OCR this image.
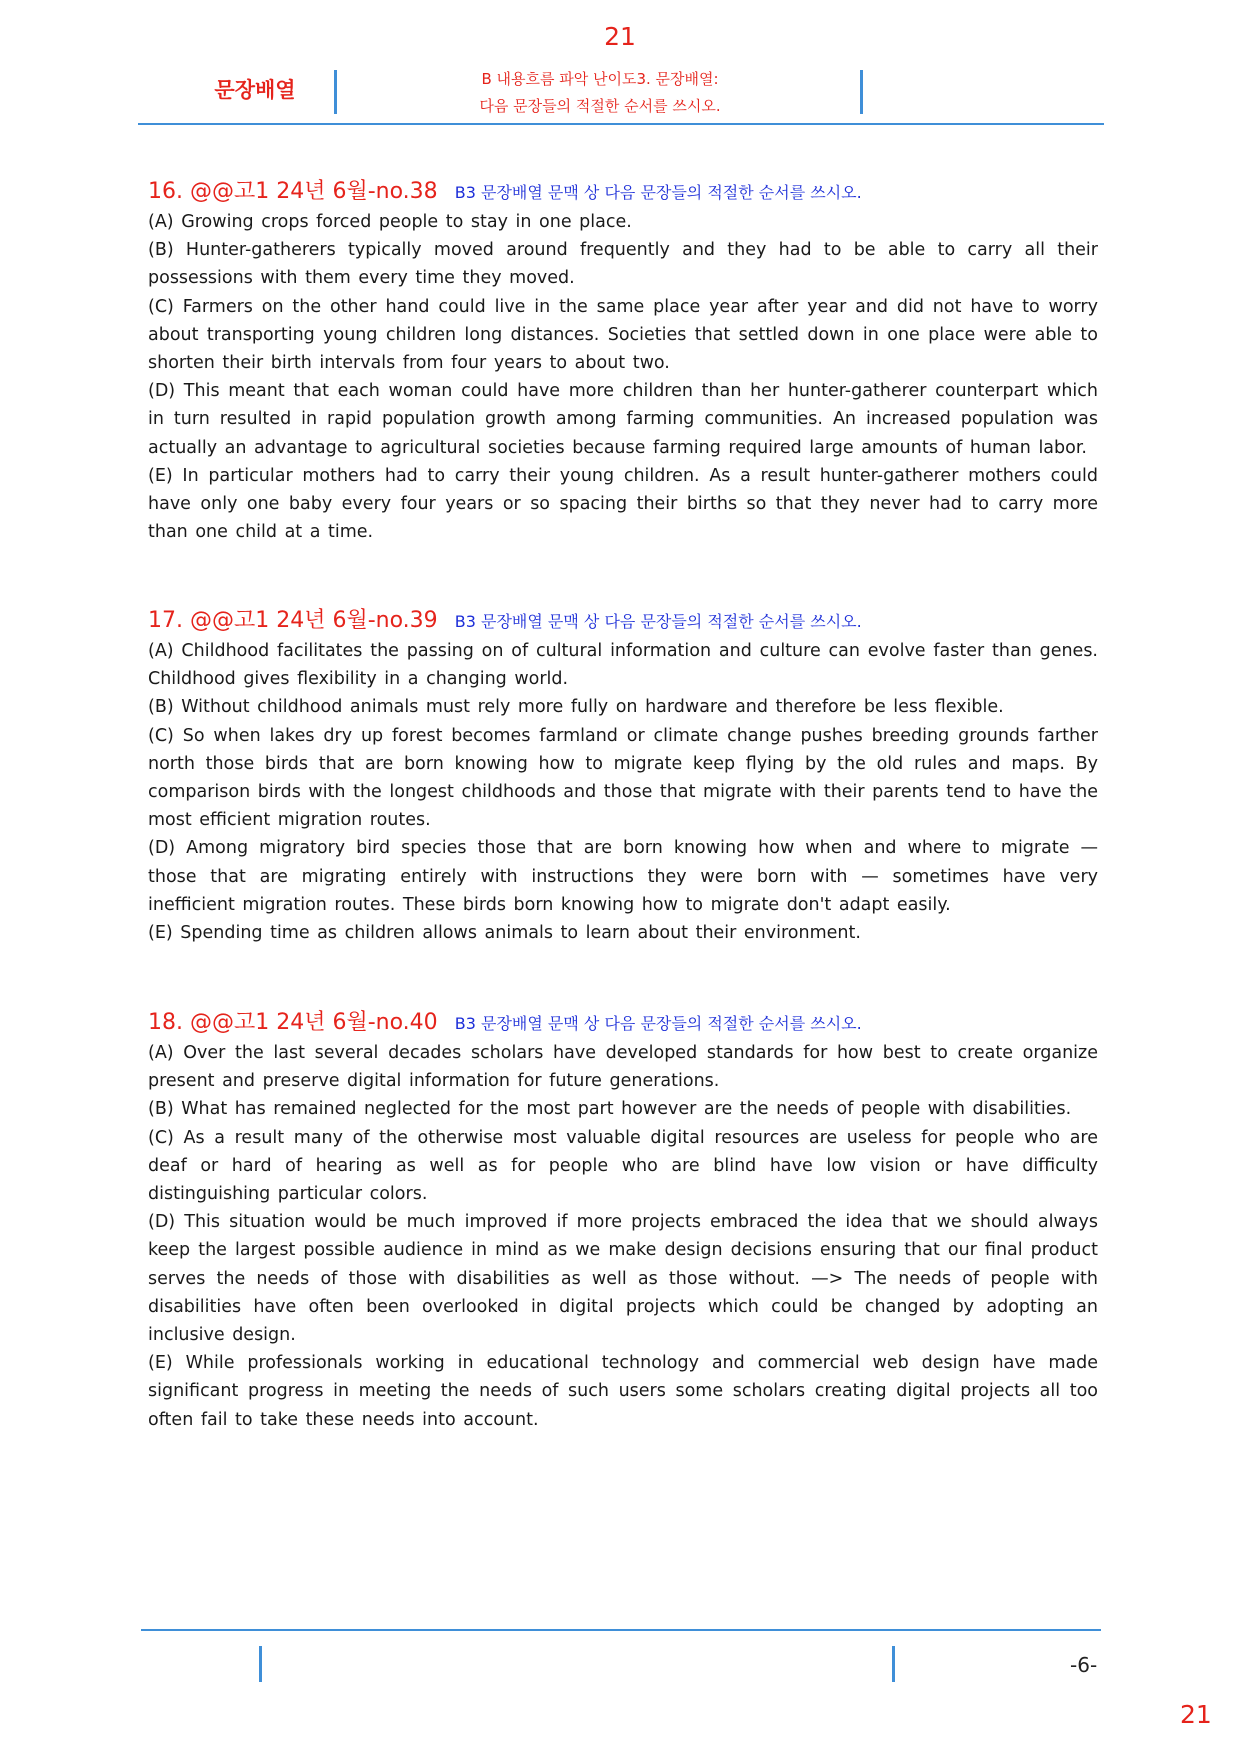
21
문장배열	B 내용흐름 파악 난이도3. 문장배열:
다음 문장들의 적절한 순서를 쓰시오.
16. @@고1 24년 6월-no.38 B3 문장배열 문맥 상 다음 문장들의 적절한 순서를 쓰시오.

(A) Growing crops forced people to stay in one place.

(B) Hunter-gatherers typically moved around frequently and they had to be able to carry all their possessions with them every time they moved.

(C) Farmers on the other hand could live in the same place year after year and did not have to worry about transporting young children long distances. Societies that settled down in one place were able to shorten their birth intervals from four years to about two.

(D) This meant that each woman could have more children than her hunter-gatherer counterpart which in turn resulted in rapid population growth among farming communities. An increased population was actually an advantage to agricultural societies because farming required large amounts of human labor.

(E) In particular mothers had to carry their young children. As a result hunter-gatherer mothers could have only one baby every four years or so spacing their births so that they never had to carry more than one child at a time.

17. @@고1 24년 6월-no.39 B3 문장배열 문맥 상 다음 문장들의 적절한 순서를 쓰시오.

(A) Childhood facilitates the passing on of cultural information and culture can evolve faster than genes. Childhood gives flexibility in a changing world.

(B) Without childhood animals must rely more fully on hardware and therefore be less flexible.

(C) So when lakes dry up forest becomes farmland or climate change pushes breeding grounds farther north those birds that are born knowing how to migrate keep flying by the old rules and maps. By comparison birds with the longest childhoods and those that migrate with their parents tend to have the most efficient migration routes.

(D) Among migratory bird species those that are born knowing how when and where to migrate — those that are migrating entirely with instructions they were born with — sometimes have very inefficient migration routes. These birds born knowing how to migrate don't adapt easily.

(E) Spending time as children allows animals to learn about their environment.

18. @@고1 24년 6월-no.40 B3 문장배열 문맥 상 다음 문장들의 적절한 순서를 쓰시오.

(A) Over the last several decades scholars have developed standards for how best to create organize present and preserve digital information for future generations.

(B) What has remained neglected for the most part however are the needs of people with disabilities.

(C) As a result many of the otherwise most valuable digital resources are useless for people who are deaf or hard of hearing as well as for people who are blind have low vision or have difficulty distinguishing particular colors.

(D) This situation would be much improved if more projects embraced the idea that we should always keep the largest possible audience in mind as we make design decisions ensuring that our final product serves the needs of those with disabilities as well as those without. —> The needs of people with disabilities have often been overlooked in digital projects which could be changed by adopting an inclusive design.

(E) While professionals working in educational technology and commercial web design have made significant progress in meeting the needs of such users some scholars creating digital projects all too often fail to take these needs into account.

-6-
21
